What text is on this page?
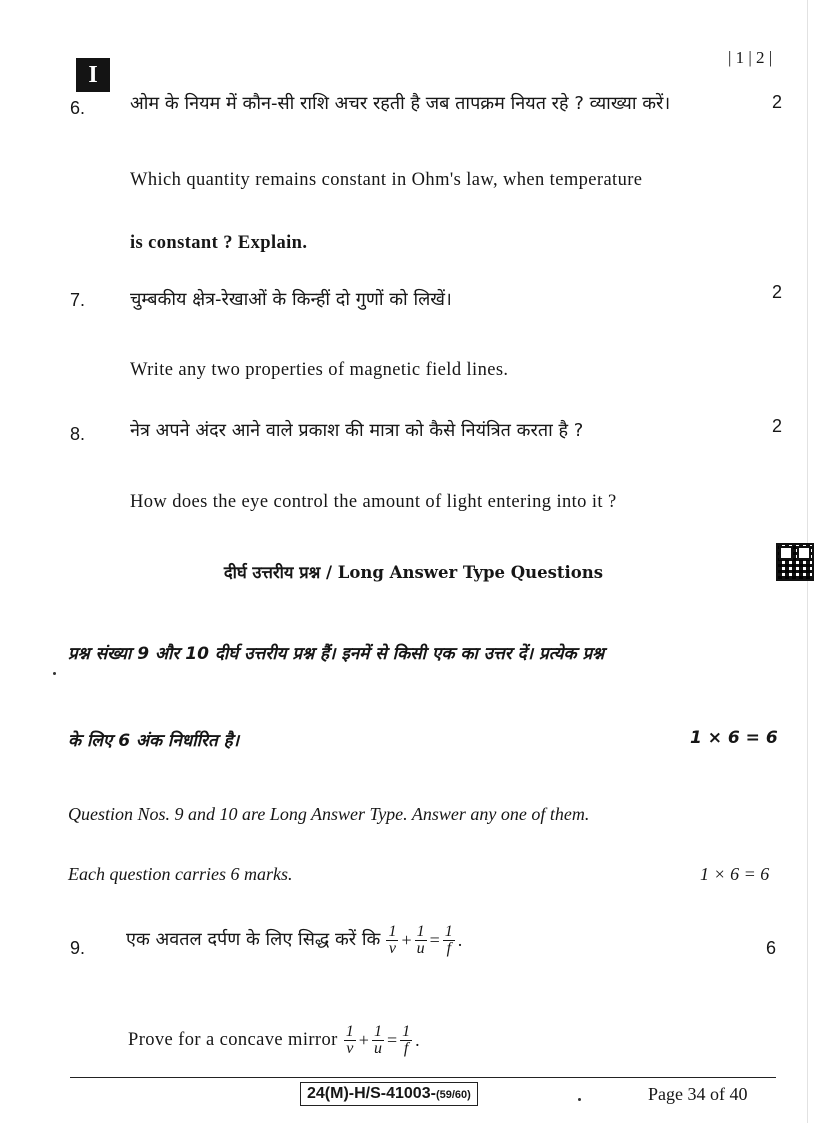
I
| 1 | 2 |
6. ओम के नियम में कौन-सी राशि अचर रहती है जब तापक्रम नियत रहे ? व्याख्या करें।	2
Which quantity remains constant in Ohm's law, when temperature
is constant ? Explain.
7. चुम्बकीय क्षेत्र-रेखाओं के किन्हीं दो गुणों को लिखें।	2
Write any two properties of magnetic field lines.
8. नेत्र अपने अंदर आने वाले प्रकाश की मात्रा को कैसे नियंत्रित करता है ?	2
How does the eye control the amount of light entering into it ?
दीर्घ उत्तरीय प्रश्न / Long Answer Type Questions
प्रश्न संख्या 9 और 10 दीर्घ उत्तरीय प्रश्न हैं। इनमें से किसी एक का उत्तर दें। प्रत्येक प्रश्न
के लिए 6 अंक निर्धारित है।	1 × 6 = 6
Question Nos. 9 and 10 are Long Answer Type. Answer any one of them.
Each question carries 6 marks.	1 × 6 = 6
9. एक अवतल दर्पण के लिए सिद्ध करें कि $\frac{1}{v} + \frac{1}{u} = \frac{1}{f}$ .	6
Prove for a concave mirror $\frac{1}{v} + \frac{1}{u} = \frac{1}{f}$ .
24(M)-H/S-41003-(59/60)	Page 34 of 40
